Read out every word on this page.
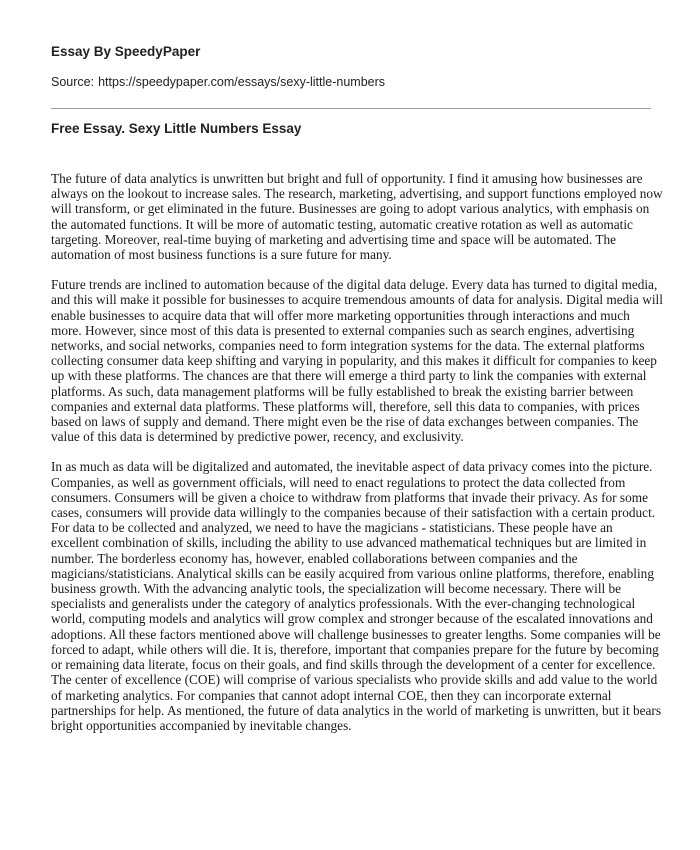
Essay By SpeedyPaper
Source: https://speedypaper.com/essays/sexy-little-numbers
Free Essay. Sexy Little Numbers Essay

The future of data analytics is unwritten but bright and full of opportunity. I find it amusing how businesses are always on the lookout to increase sales. The research, marketing, advertising, and support functions employed now will transform, or get eliminated in the future. Businesses are going to adopt various analytics, with emphasis on the automated functions. It will be more of automatic testing, automatic creative rotation as well as automatic targeting. Moreover, real-time buying of marketing and advertising time and space will be automated. The automation of most business functions is a sure future for many.

Future trends are inclined to automation because of the digital data deluge. Every data has turned to digital media, and this will make it possible for businesses to acquire tremendous amounts of data for analysis. Digital media will enable businesses to acquire data that will offer more marketing opportunities through interactions and much more. However, since most of this data is presented to external companies such as search engines, advertising networks, and social networks, companies need to form integration systems for the data. The external platforms collecting consumer data keep shifting and varying in popularity, and this makes it difficult for companies to keep up with these platforms. The chances are that there will emerge a third party to link the companies with external platforms. As such, data management platforms will be fully established to break the existing barrier between companies and external data platforms. These platforms will, therefore, sell this data to companies, with prices based on laws of supply and demand. There might even be the rise of data exchanges between companies. The value of this data is determined by predictive power, recency, and exclusivity.

In as much as data will be digitalized and automated, the inevitable aspect of data privacy comes into the picture. Companies, as well as government officials, will need to enact regulations to protect the data collected from consumers. Consumers will be given a choice to withdraw from platforms that invade their privacy. As for some cases, consumers will provide data willingly to the companies because of their satisfaction with a certain product. For data to be collected and analyzed, we need to have the magicians - statisticians. These people have an excellent combination of skills, including the ability to use advanced mathematical techniques but are limited in number. The borderless economy has, however, enabled collaborations between companies and the magicians/statisticians. Analytical skills can be easily acquired from various online platforms, therefore, enabling business growth. With the advancing analytic tools, the specialization will become necessary. There will be specialists and generalists under the category of analytics professionals. With the ever-changing technological world, computing models and analytics will grow complex and stronger because of the escalated innovations and adoptions. All these factors mentioned above will challenge businesses to greater lengths. Some companies will be forced to adapt, while others will die. It is, therefore, important that companies prepare for the future by becoming or remaining data literate, focus on their goals, and find skills through the development of a center for excellence. The center of excellence (COE) will comprise of various specialists who provide skills and add value to the world of marketing analytics. For companies that cannot adopt internal COE, then they can incorporate external partnerships for help. As mentioned, the future of data analytics in the world of marketing is unwritten, but it bears bright opportunities accompanied by inevitable changes.
